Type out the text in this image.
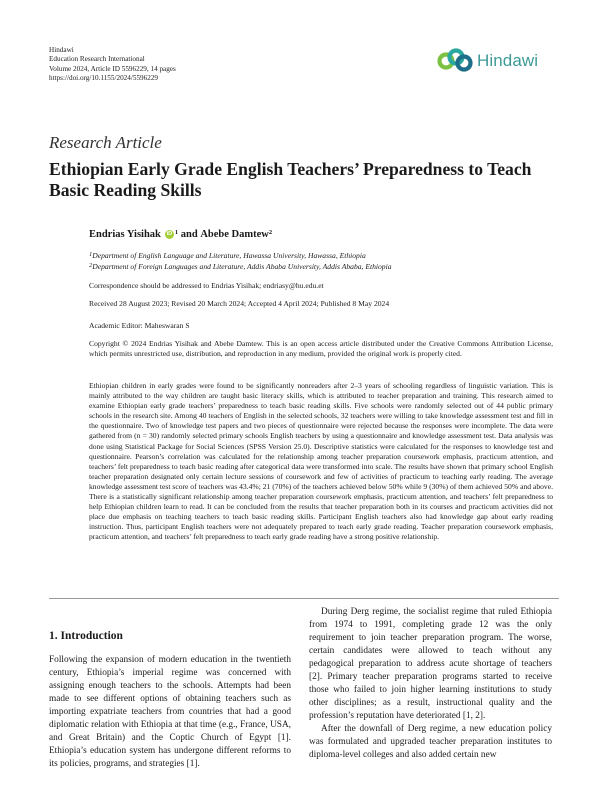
Hindawi
Education Research International
Volume 2024, Article ID 5596229, 14 pages
https://doi.org/10.1155/2024/5596229
Hindawi
Research Article
Ethiopian Early Grade English Teachers’ Preparedness to Teach Basic Reading Skills
Endrias Yisihak	iD 1 and Abebe Damtew 2
$^1$Department of English Language and Literature, Hawassa University, Hawassa, Ethiopia
$^2$Department of Foreign Languages and Literature, Addis Ababa University, Addis Ababa, Ethiopia
Correspondence should be addressed to Endrias Yisihak; endriasy@hu.edu.et
Received 28 August 2023; Revised 20 March 2024; Accepted 4 April 2024; Published 8 May 2024
Academic Editor: Maheswaran S
Copyright © 2024 Endrias Yisihak and Abebe Damtew. This is an open access article distributed under the Creative Commons Attribution License, which permits unrestricted use, distribution, and reproduction in any medium, provided the original work is properly cited.
Ethiopian children in early grades were found to be significantly nonreaders after 2–3 years of schooling regardless of linguistic variation. This is mainly attributed to the way children are taught basic literacy skills, which is attributed to teacher preparation and training. This research aimed to examine Ethiopian early grade teachers’ preparedness to teach basic reading skills. Five schools were randomly selected out of 44 public primary schools in the research site. Among 40 teachers of English in the selected schools, 32 teachers were willing to take knowledge assessment test and fill in the questionnaire. Two of knowledge test papers and two pieces of questionnaire were rejected because the responses were incomplete. The data were gathered from (n = 30) randomly selected primary schools English teachers by using a questionnaire and knowledge assessment test. Data analysis was done using Statistical Package for Social Sciences (SPSS Version 25.0). Descriptive statistics were calculated for the responses to knowledge test and questionnaire. Pearson’s correlation was calculated for the relationship among teacher preparation coursework emphasis, practicum attention, and teachers’ felt preparedness to teach basic reading after categorical data were transformed into scale. The results have shown that primary school English teacher preparation designated only certain lecture sessions of coursework and few of activities of practicum to teaching early reading. The average knowledge assessment test score of teachers was 43.4%; 21 (70%) of the teachers achieved below 50% while 9 (30%) of them achieved 50% and above. There is a statistically significant relationship among teacher preparation coursework emphasis, practicum attention, and teachers’ felt preparedness to help Ethiopian children learn to read. It can be concluded from the results that teacher preparation both in its courses and practicum activities did not place due emphasis on teaching teachers to teach basic reading skills. Participant English teachers also had knowledge gap about early reading instruction. Thus, participant English teachers were not adequately prepared to teach early grade reading. Teacher preparation coursework emphasis, practicum attention, and teachers’ felt preparedness to teach early grade reading have a strong positive relationship.
1. Introduction

Following the expansion of modern education in the twentieth century, Ethiopia’s imperial regime was concerned with assigning enough teachers to the schools. Attempts had been made to see different options of obtaining teachers such as importing expatriate teachers from countries that had a good diplomatic relation with Ethiopia at that time (e.g., France, USA, and Great Britain) and the Coptic Church of Egypt [1]. Ethiopia’s education system has undergone different reforms to its policies, programs, and strategies [1].

During Derg regime, the socialist regime that ruled Ethiopia from 1974 to 1991, completing grade 12 was the only requirement to join teacher preparation program. The worse, certain candidates were allowed to teach without any pedagogical preparation to address acute shortage of teachers [2]. Primary teacher preparation programs started to receive those who failed to join higher learning institutions to study other disciplines; as a result, instructional quality and the profession’s reputation have deteriorated [1, 2].

After the downfall of Derg regime, a new education policy was formulated and upgraded teacher preparation institutes to diploma-level colleges and also added certain new
